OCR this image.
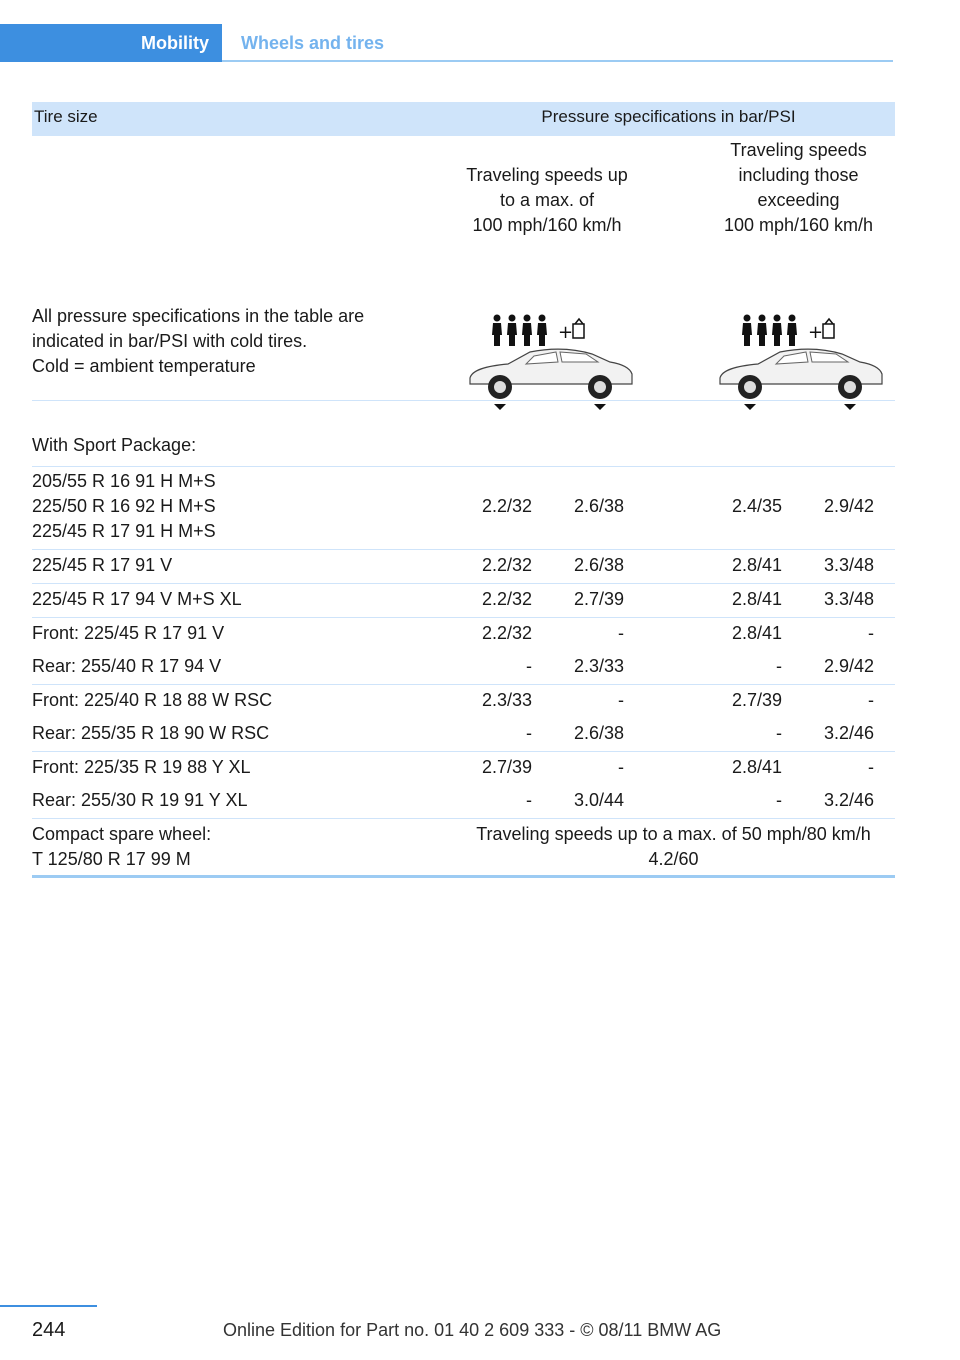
Mobility	Wheels and tires
Tire size	Pressure specifications in bar/PSI
Traveling speeds up
to a max. of
100 mph/160 km/h
Traveling speeds
including those
exceeding
100 mph/160 km/h
All pressure specifications in the table are
indicated in bar/PSI with cold tires.
Cold = ambient temperature
+	+
With Sport Package:
205/55 R 16 91 H M+S
225/50 R 16 92 H M+S
225/45 R 17 91 H M+S
2.2/32	2.6/38	2.4/35	2.9/42
225/45 R 17 91 V	2.2/32	2.6/38	2.8/41	3.3/48
225/45 R 17 94 V M+S XL	2.2/32	2.7/39	2.8/41	3.3/48
Front: 225/45 R 17 91 V	2.2/32	-	2.8/41	-
Rear: 255/40 R 17 94 V	-	2.3/33	-	2.9/42
Front: 225/40 R 18 88 W RSC	2.3/33	-	2.7/39	-
Rear: 255/35 R 18 90 W RSC	-	2.6/38	-	3.2/46
Front: 225/35 R 19 88 Y XL	2.7/39	-	2.8/41	-
Rear: 255/30 R 19 91 Y XL	-	3.0/44	-	3.2/46
Compact spare wheel:
T 125/80 R 17 99 M
Traveling speeds up to a max. of 50 mph/80 km/h
4.2/60
244	Online Edition for Part no. 01 40 2 609 333 - © 08/11 BMW AG
